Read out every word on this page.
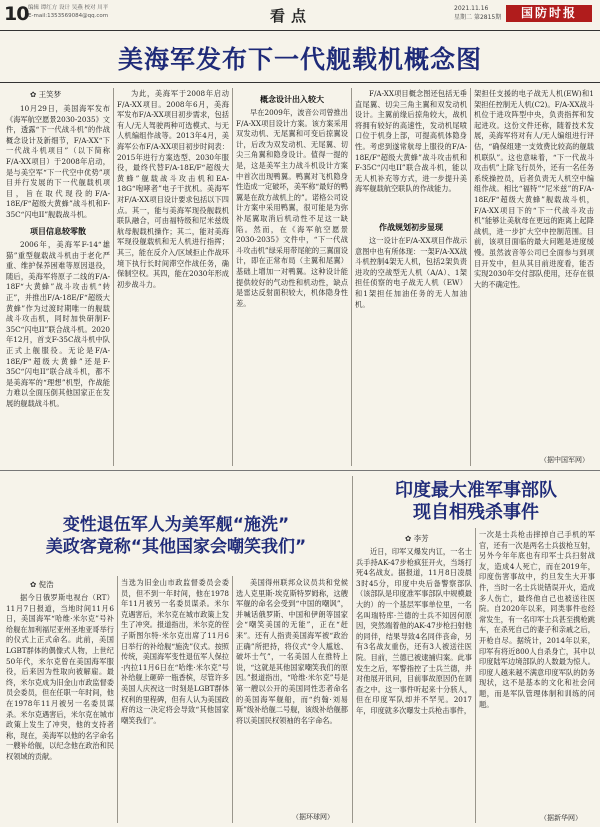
10 编辑 谭红方 设计 吴燕 校对 川平
E-mail:1353569084@qq.com	看点	2021.11.16
星期二 第2815期	国防时报
美海军发布下一代舰载机概念图
✿ 王笑梦

10月29日，美国海军发布《海军航空愿景2030-2035》文件，透露“下一代战斗机”的作战概念设计及新细节，F/A-XX“下一代战斗机项目”（以下简称F/A-XX项目）于2008年启动，是与美空军“下一代空中优势”项目并行发展的下一代舰载机项目，旨在取代现役的F/A-18E/F“超级大黄蜂”战斗机和F-35C“闪电II”舰载战斗机。

项目信息较零散

2006年，美海军F-14“雄猫”重型舰载战斗机由于老化严重、维护保养困难等原因退役，随后，美海军将原子二线的F/A-18F“大黄蜂”战斗攻击机“转正”，并推出F/A-18E/F“超级大黄蜂”作为过渡时期唯一的舰载战斗攻击机，同时加快研制F-35C“闪电II”联合战斗机。2020年12月，首支F-35C战斗机中队正式上舰服役。无论是F/A-18E/F“超级大黄蜂”还是F-35C“闪电II”联合战斗机，都不是美海军的“理想”机型，作战能力难以全面压倒其他国家正在发展的舰载战斗机。

为此，美海军于2008年启动F/A-XX项目。2008年6月，美海军发布F/A-XX项目初步需求，包括有人/无人驾驶两种可选模式、与无人机编组作战等。2013年4月，美海军公布F/A-XX项目初步时间表：2015年进行方案选型、2030年服役，最终代替F/A-18E/F“超级大黄蜂”舰载战斗攻击机和EA-18G“咆哮者”电子干扰机。美海军对F/A-XX项目设计要求包括以下四点。其一，能与美海军现役舰载机联队融合，可由福特级和尼米兹级航母舰载机操作；其二，能对美海军现役舰载机和无人机进行指挥；其三，能在反介入/区域拒止作战环境下执行长时间滞空作战任务，确保制空权。其四，能在2030年形成初步战斗力。

概念设计出入较大

早在2009年，波音公司曾推出F/A-XX项目设计方案。该方案采用双发动机、无尾翼和可变后掠翼设计，后改为双发动机、无尾翼、切尖三角翼和隐身设计。值得一提的是，这是美军主力战斗机设计方案中首次出现鸭翼。鸭翼对飞机隐身性造成一定破坏，美军称“最好的鸭翼是在敌方战机上的”。诺格公司设计方案中采用鸭翼，很可能是为弥补尾翼取消后机动性不足这一缺陷。然而，在《海军航空愿景2030-2035》文件中，“下一代战斗攻击机”绿采用带尾舵的三翼面设计，即在正常布局（主翼和尾翼）基础上增加一对鸭翼。这种设计能提供较好的气动性和机动性，缺点是雷达反射面积较大，机体隐身性差。

F/A-XX项目概念图还包括无垂直尾翼、切尖三角主翼和双发动机设计。主翼前缘后掠角较大，战机将拥有较好的高速性，发动机尾喷口位于机身上部，可提高机体隐身性。考虑到遂常航母上服役的F/A-18E/F“超级大黄蜂”战斗攻击机和F-35C“闪电II”联合战斗机，能以无人机补充等方式，进一步提升美海军舰载航空联队的作战能力。

作战规划初步显现

这一设计在F/A-XX项目作战示意图中也有所体现：一架F/A-XX战斗机控制4架无人机，包括2架负责进攻的空战型无人机（A/A）、1架担任侦察的电子战无人机（EW）和1架担任加油任务的无人加油机。

架担任支援的电子战无人机(EW)和1架担任控制无人机(C2)。F/A-XX战斗机位于进攻阵型中央，负责指挥和发起进攻。这份文件还称，随着技术发展，美海军将对有人/无人编组进行评估，“确保组建一支效费比较高的舰载机联队”。这也意味着，“下一代战斗攻击机”上除飞行员外，还有一名任务系统操控员，后者负责无人机空中编组作战。相比“福特”“尼米兹”的F/A-18E/F“超级大黄蜂”舰载战斗机，F/A-XX项目下的“下一代战斗攻击机”能够让美航母在更远的距离上起降战机，进一步扩大空中控制范围。目前，该项目面临的最大问题是进度缓慢。虽然波音等公司已全面参与到项目开发中，但从其目前进度看，能否实现2030年交付部队使用，还存在很大的不确定性。

（据中国军网）
印度最大准军事部队
现自相残杀事件
✿ 李芳

近日，印军又爆发内讧，一名士兵手持AK-47步枪疯狂开火，当场打死4名战友。据报道，11月8日凌晨3时45分，印度中央后备警察部队（该部队是印度准军事部队中规模最大的）的一个基层军事单位里，一名名叫瑞特库·兰德的士兵不知因何原因，突然端着他的AK-47步枪扫射他的同伴，结果导致4名同伴丧命，另有3名战友重伤，还有3人被送往医院。目前，兰德已被逮捕归案。此事发生之后，军警指控了士兵兰德，并对他展开讯问，目前事故原因仍在调查之中。这一事件听起来十分骇人，但在印度军队却并不罕见。2017年，印度就多次曝发士兵枪击事件，

一次是士兵枪击摔掉自己手机的军官，还有一次是两名士兵拔枪互射，另外今年年底也有印军士兵扫射战友，造成4人死亡，而在2019年，印度伤害事故中，约旦发生大开事件，当时一名士兵说错误开火，造成多人伤亡，最终他自己也被送往医院。自2020年以来，同类事件也经常发生，有一名印军士兵甚至携枪跳车，在杀死自己的妻子和亲戚之后，开枪自尽。据统计，2014年以来，印军有将近800人自杀身亡，其中以印度陆军边境部队的人数最为惊人。印度人越来越不满意印度军队的防务现状，这不是基本的文化和社会问题，而是军队管理体制和训练的问题。

（据新华网）
变性退伍军人为美军舰“施洗”
美政客竟称“其他国家会嘲笑我们”
✿ 倪浩

据今日俄罗斯电视台（RT）11月7日报道，当地时间11月6日，美国海军“哈维·米尔克”号补给舰在加利福尼亚州圣地亚哥举行的仪式上正式命名。此前，美国LGBT群体的偶像式人物，上世纪50年代，米尔克曾在美国海军服役，后来因为性取向被解雇。最终，米尔克成为旧金山市政监督委员会委员，但在任职一年时间，他在1978年11月被另一名委员谋杀。米尔克遇害后，米尔克在城市政策上发生了冲突，他的支持者称，现在，美海军以他的名字命名一艘补给舰，以纪念他在政治和民权领域的贡献。

当选为旧金山市政监督委员会委员，但不到一年时间，他在1978年11月被另一名委员谋杀。米尔克遇害后，米尔克在城市政策上发生了冲突。报道指出，米尔克的侄子斯图尔特·米尔克出席了11月6日举行的补给舰“施洗”仪式。按照传统，美国海军变性退伍军人保拉·内拉11月6日在“哈维·米尔克”号补给舰上砸碎一瓶香槟，尽管许多美国人庆祝这一时刻是LGBT群体权利的里程碑，但有人认为美国政府的这一决定将会导致“其他国家嘲笑我们”。

美国得州联邦众议员共和党候选人克里斯·埃克斯特罗姆称，这艘军舰的命名会受到“中国的嘲讽”，并喊话俄罗斯、中国和伊朗等国家会“嘲笑美国的无能”，正在“赶来”。还有人指责美国海军被“政治正确”所把持，将仪式“令人尴尬、破坏士气”，一名美国人在推特上说，“这就是其他国家嘲笑我们的原因。”报道指出，“哈维·米尔克”号是第一艘以公开的美国同性恋者命名的美国海军舰船，而“约翰·刘易斯”级补给舰二号舰，该级补给舰都将以美国民权领袖的名字命名。

（据环球网）
